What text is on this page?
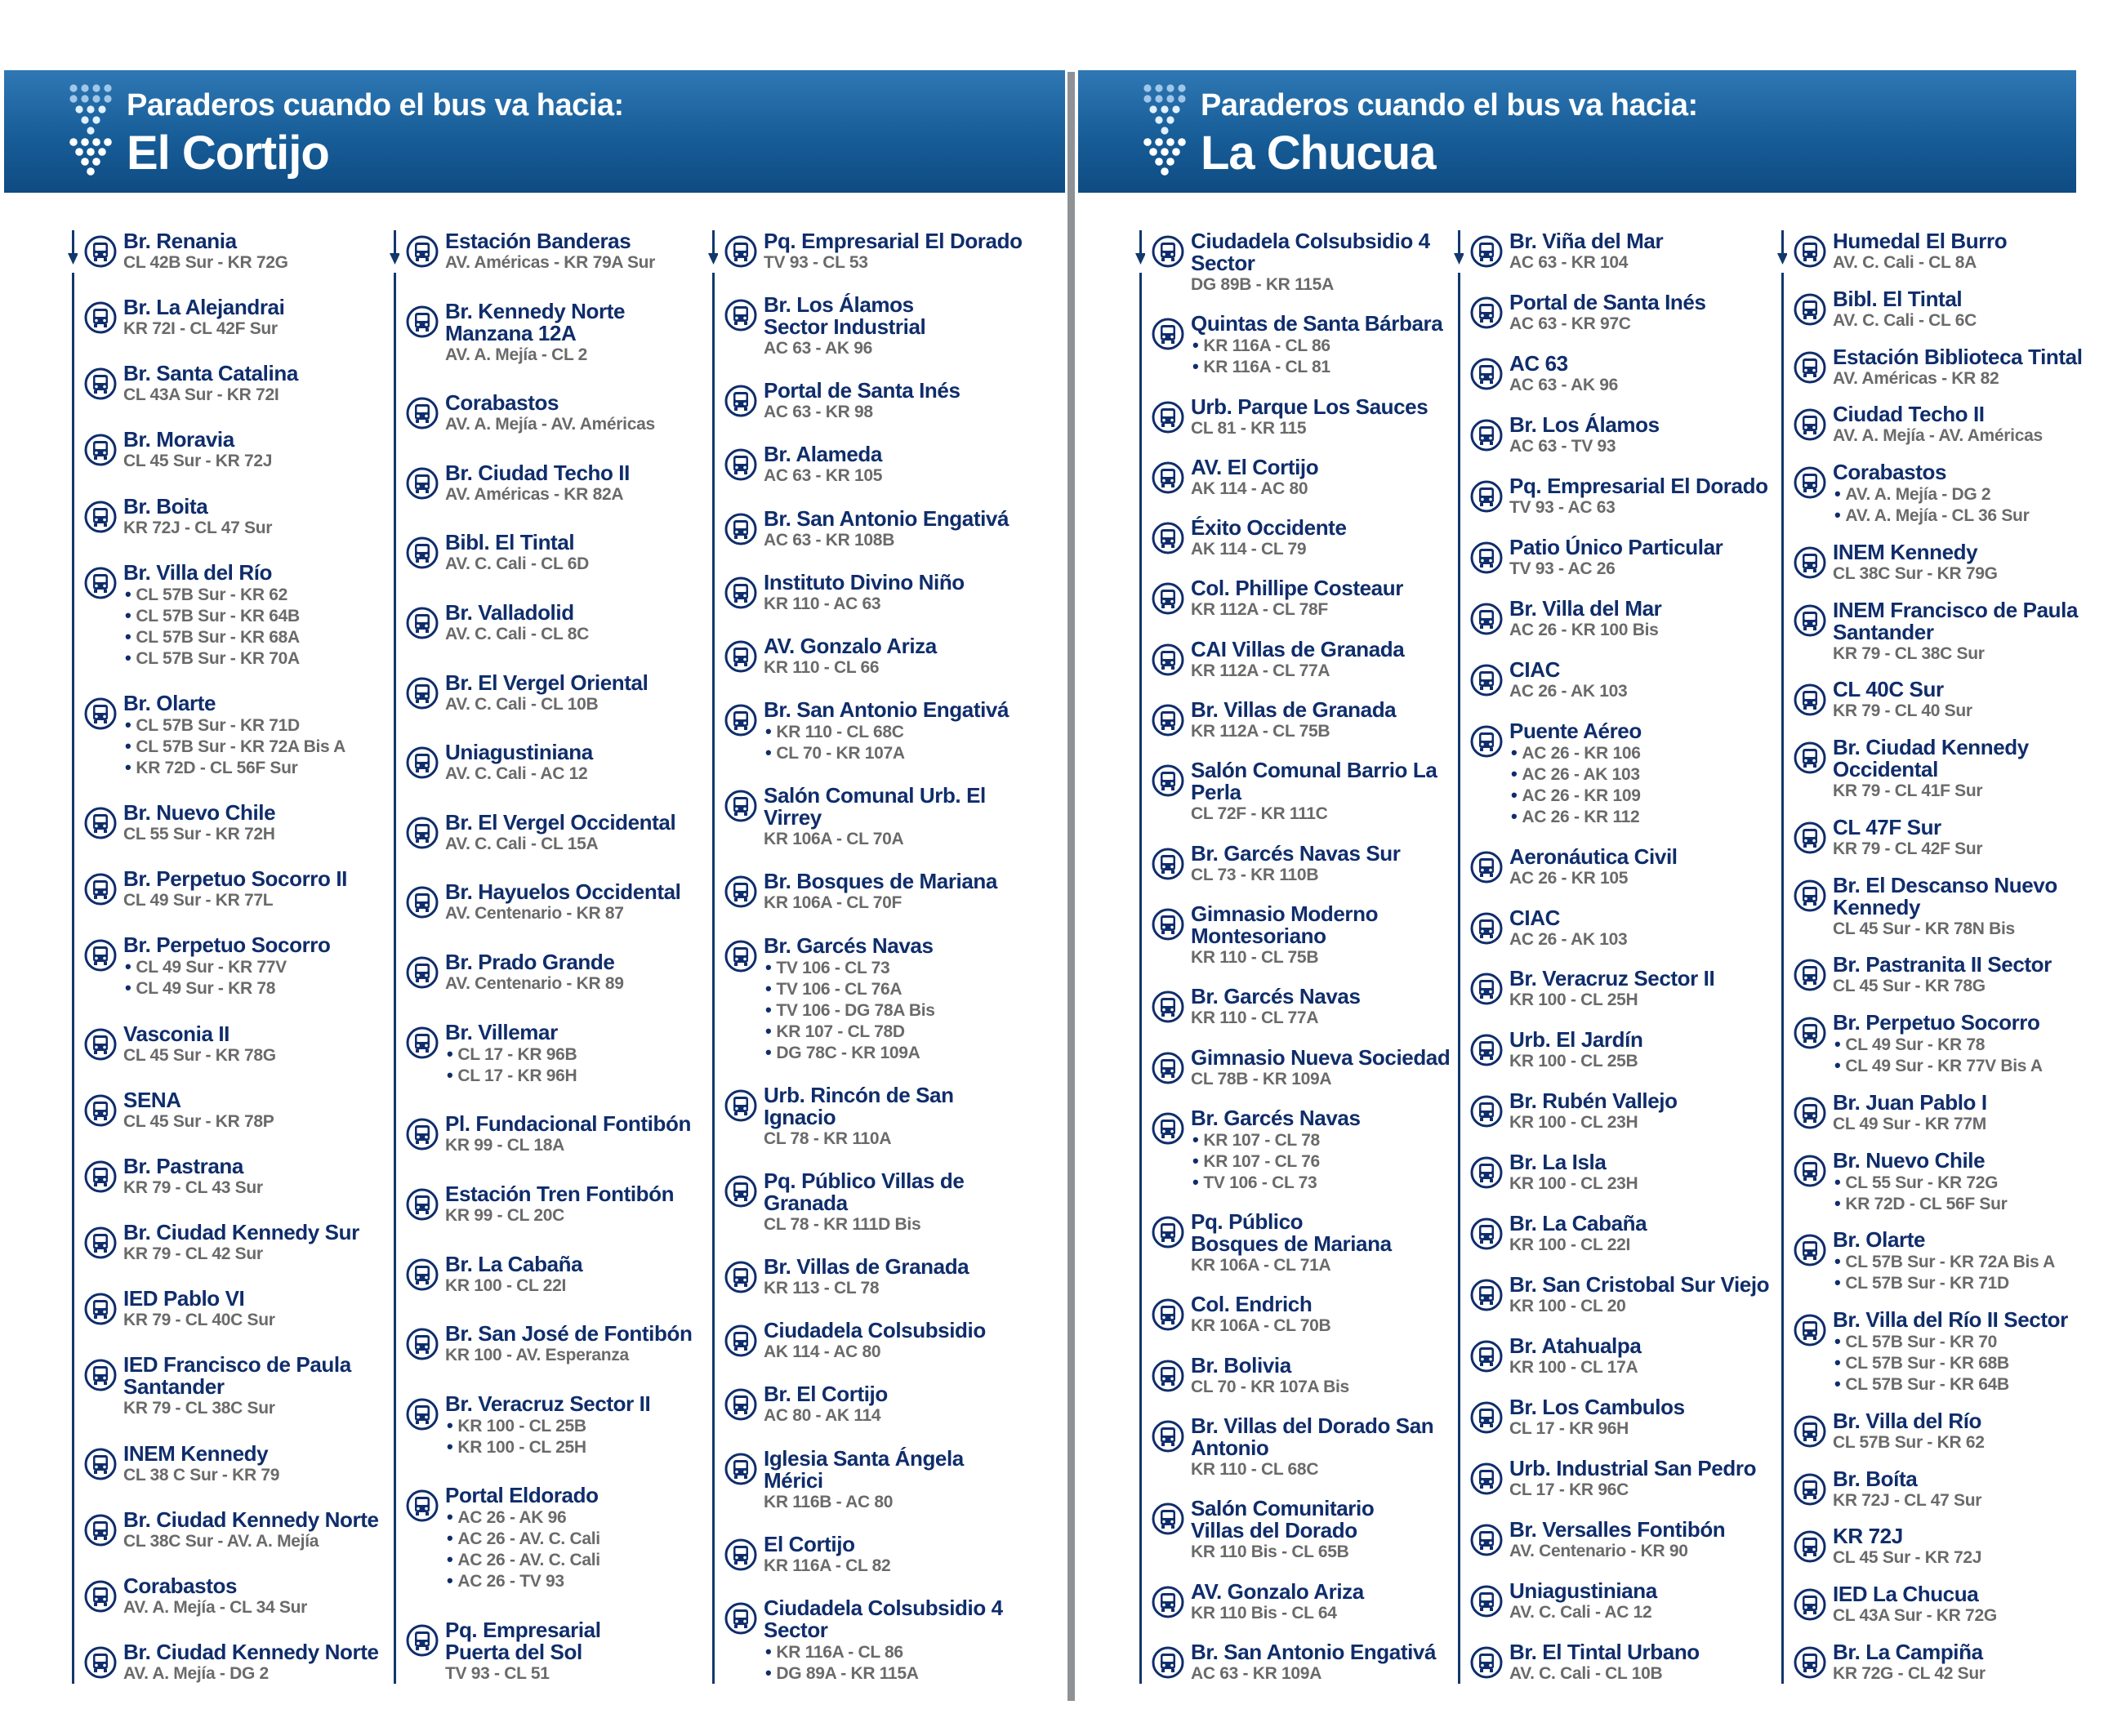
Paraderos cuando el bus va hacia:
El Cortijo
Br. Renania
CL 42B Sur - KR 72G
Br. La Alejandrai
KR 72I - CL 42F Sur
Br. Santa Catalina
CL 43A Sur - KR 72I
Br. Moravia
CL 45 Sur - KR 72J
Br. Boita
KR 72J - CL 47 Sur
Br. Villa del Río
• CL 57B Sur - KR 62
• CL 57B Sur - KR 64B
• CL 57B Sur - KR 68A
• CL 57B Sur - KR 70A
Br. Olarte
• CL 57B Sur - KR 71D
• CL 57B Sur - KR 72A Bis A
• KR 72D - CL 56F Sur
Br. Nuevo Chile
CL 55 Sur - KR 72H
Br. Perpetuo Socorro II
CL 49 Sur - KR 77L
Br. Perpetuo Socorro
• CL 49 Sur - KR 77V
• CL 49 Sur - KR 78
Vasconia II
CL 45 Sur - KR 78G
SENA
CL 45 Sur - KR 78P
Br. Pastrana
KR 79 - CL 43 Sur
Br. Ciudad Kennedy Sur
KR 79 - CL 42 Sur
IED Pablo VI
KR 79 - CL 40C Sur
IED Francisco de Paula
Santander
KR 79 - CL 38C Sur
INEM Kennedy
CL 38 C Sur - KR 79
Br. Ciudad Kennedy Norte
CL 38C Sur - AV. A. Mejía
Corabastos
AV. A. Mejía - CL 34 Sur
Br. Ciudad Kennedy Norte
AV. A. Mejía - DG 2
Estación Banderas
AV. Américas - KR 79A Sur
Br. Kennedy Norte
Manzana 12A
AV. A. Mejía - CL 2
Corabastos
AV. A. Mejía - AV. Américas
Br. Ciudad Techo II
AV. Américas - KR 82A
Bibl. El Tintal
AV. C. Cali - CL 6D
Br. Valladolid
AV. C. Cali - CL 8C
Br. El Vergel Oriental
AV. C. Cali - CL 10B
Uniagustiniana
AV. C. Cali - AC 12
Br. El Vergel Occidental
AV. C. Cali - CL 15A
Br. Hayuelos Occidental
AV. Centenario - KR 87
Br. Prado Grande
AV. Centenario - KR 89
Br. Villemar
• CL 17 - KR 96B
• CL 17 - KR 96H
Pl. Fundacional Fontibón
KR 99 - CL 18A
Estación Tren Fontibón
KR 99 - CL 20C
Br. La Cabaña
KR 100 - CL 22I
Br. San José de Fontibón
KR 100 - AV. Esperanza
Br. Veracruz Sector II
• KR 100 - CL 25B
• KR 100 - CL 25H
Portal Eldorado
• AC 26 - AK 96
• AC 26 - AV. C. Cali
• AC 26 - AV. C. Cali
• AC 26 - TV 93
Pq. Empresarial
Puerta del Sol
TV 93 - CL 51
Pq. Empresarial El Dorado
TV 93 - CL 53
Br. Los Álamos
Sector Industrial
AC 63 - AK 96
Portal de Santa Inés
AC 63 - KR 98
Br. Alameda
AC 63 - KR 105
Br. San Antonio Engativá
AC 63 - KR 108B
Instituto Divino Niño
KR 110 - AC 63
AV. Gonzalo Ariza
KR 110 - CL 66
Br. San Antonio Engativá
• KR 110 - CL 68C
• CL 70 - KR 107A
Salón Comunal Urb. El Virrey
KR 106A - CL 70A
Br. Bosques de Mariana
KR 106A - CL 70F
Br. Garcés Navas
• TV 106 - CL 73
• TV 106 - CL 76A
• TV 106 - DG 78A Bis
• KR 107 - CL 78D
• DG 78C - KR 109A
Urb. Rincón de San Ignacio
CL 78 - KR 110A
Pq. Público Villas de
Granada
CL 78 - KR 111D Bis
Br. Villas de Granada
KR 113 - CL 78
Ciudadela Colsubsidio
AK 114 - AC 80
Br. El Cortijo
AC 80 - AK 114
Iglesia Santa Ángela Mérici
KR 116B - AC 80
El Cortijo
KR 116A - CL 82
Ciudadela Colsubsidio 4
Sector
• KR 116A - CL 86
• DG 89A - KR 115A
Paraderos cuando el bus va hacia:
La Chucua
Ciudadela Colsubsidio 4
Sector
DG 89B - KR 115A
Quintas de Santa Bárbara
• KR 116A - CL 86
• KR 116A - CL 81
Urb. Parque Los Sauces
CL 81 - KR 115
AV. El Cortijo
AK 114 - AC 80
Éxito Occidente
AK 114 - CL 79
Col. Phillipe Costeaur
KR 112A - CL 78F
CAI Villas de Granada
KR 112A - CL 77A
Br. Villas de Granada
KR 112A - CL 75B
Salón Comunal Barrio La
Perla
CL 72F - KR 111C
Br. Garcés Navas Sur
CL 73 - KR 110B
Gimnasio Moderno
Montesoriano
KR 110 - CL 75B
Br. Garcés Navas
KR 110 - CL 77A
Gimnasio Nueva Sociedad
CL 78B - KR 109A
Br. Garcés Navas
• KR 107 - CL 78
• KR 107 - CL 76
• TV 106 - CL 73
Pq. Público
Bosques de Mariana
KR 106A - CL 71A
Col. Endrich
KR 106A - CL 70B
Br. Bolivia
CL 70 - KR 107A Bis
Br. Villas del Dorado San
Antonio
KR 110 - CL 68C
Salón Comunitario
Villas del Dorado
KR 110 Bis - CL 65B
AV. Gonzalo Ariza
KR 110 Bis - CL 64
Br. San Antonio Engativá
AC 63 - KR 109A
Br. Viña del Mar
AC 63 - KR 104
Portal de Santa Inés
AC 63 - KR 97C
AC 63
AC 63 - AK 96
Br. Los Álamos
AC 63 - TV 93
Pq. Empresarial El Dorado
TV 93 - AC 63
Patio Único Particular
TV 93 - AC 26
Br. Villa del Mar
AC 26 - KR 100 Bis
CIAC
AC 26 - AK 103
Puente Aéreo
• AC 26 - KR 106
• AC 26 - AK 103
• AC 26 - KR 109
• AC 26 - KR 112
Aeronáutica Civil
AC 26 - KR 105
CIAC
AC 26 - AK 103
Br. Veracruz Sector II
KR 100 - CL 25H
Urb. El Jardín
KR 100 - CL 25B
Br. Rubén Vallejo
KR 100 - CL 23H
Br. La Isla
KR 100 - CL 23H
Br. La Cabaña
KR 100 - CL 22I
Br. San Cristobal Sur Viejo
KR 100 - CL 20
Br. Atahualpa
KR 100 - CL 17A
Br. Los Cambulos
CL 17 - KR 96H
Urb. Industrial San Pedro
CL 17 - KR 96C
Br. Versalles Fontibón
AV. Centenario - KR 90
Uniagustiniana
AV. C. Cali - AC 12
Br. El Tintal Urbano
AV. C. Cali - CL 10B
Humedal El Burro
AV. C. Cali - CL 8A
Bibl. El Tintal
AV. C. Cali - CL 6C
Estación Biblioteca Tintal
AV. Américas - KR 82
Ciudad Techo II
AV. A. Mejía - AV. Américas
Corabastos
• AV. A. Mejía - DG 2
• AV. A. Mejía - CL 36 Sur
INEM Kennedy
CL 38C Sur - KR 79G
INEM Francisco de Paula
Santander
KR 79 - CL 38C Sur
CL 40C Sur
KR 79 - CL 40 Sur
Br. Ciudad Kennedy
Occidental
KR 79 - CL 41F Sur
CL 47F Sur
KR 79 - CL 42F Sur
Br. El Descanso Nuevo
Kennedy
CL 45 Sur - KR 78N Bis
Br. Pastranita II Sector
CL 45 Sur - KR 78G
Br. Perpetuo Socorro
• CL 49 Sur - KR 78
• CL 49 Sur - KR 77V Bis A
Br. Juan Pablo I
CL 49 Sur - KR 77M
Br. Nuevo Chile
• CL 55 Sur - KR 72G
• KR 72D - CL 56F Sur
Br. Olarte
• CL 57B Sur - KR 72A Bis A
• CL 57B Sur - KR 71D
Br. Villa del Río II Sector
• CL 57B Sur - KR 70
• CL 57B Sur - KR 68B
• CL 57B Sur - KR 64B
Br. Villa del Río
CL 57B Sur - KR 62
Br. Boíta
KR 72J - CL 47 Sur
KR 72J
CL 45 Sur - KR 72J
IED La Chucua
CL 43A Sur - KR 72G
Br. La Campiña
KR 72G - CL 42 Sur
